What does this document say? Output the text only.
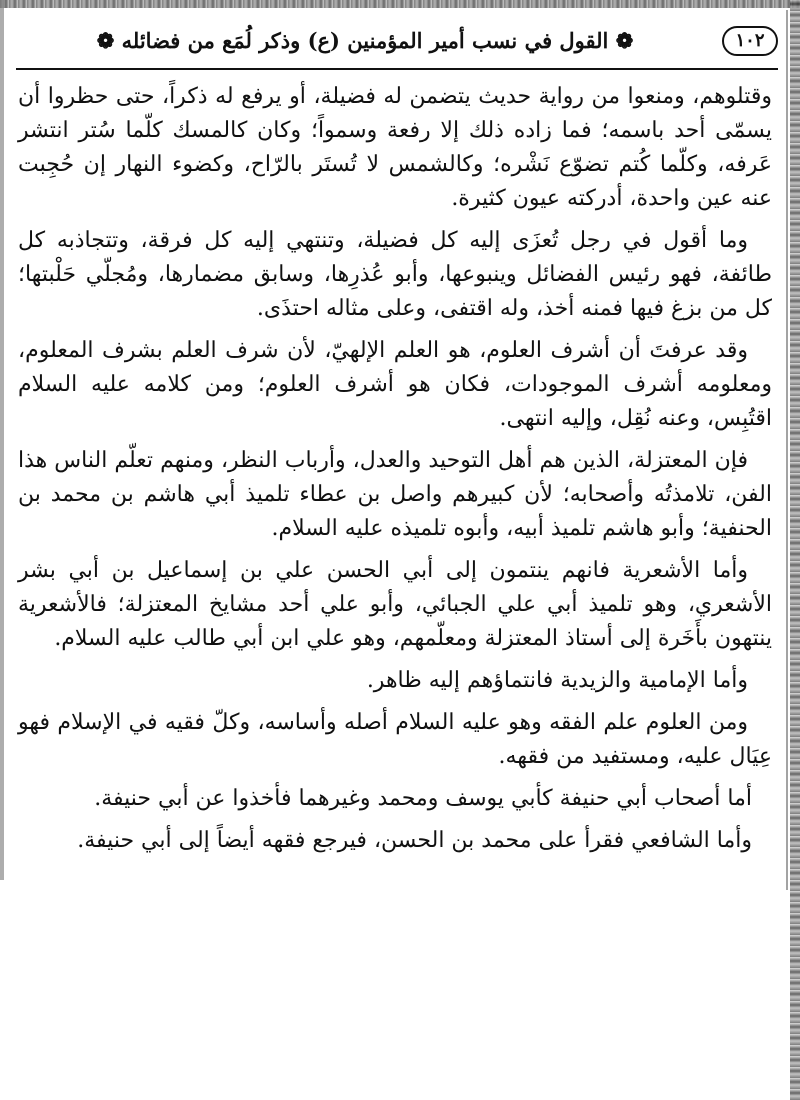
١٠٢
❁ القول في نسب أمير المؤمنين (ع) وذكر لُمَع من فضائله ❁

وقتلوهم، ومنعوا من رواية حديث يتضمن له فضيلة، أو يرفع له ذكراً، حتى حظروا أن يسمّى أحد باسمه؛ فما زاده ذلك إلا رفعة وسمواً؛ وكان كالمسك كلّما سُتر انتشر عَرفه، وكلّما كُتم تضوّع نَشْره؛ وكالشمس لا تُستَر بالرّاح، وكضوء النهار إن حُجِبت عنه عين واحدة، أدركته عيون كثيرة.

وما أقول في رجل تُعزَى إليه كل فضيلة، وتنتهي إليه كل فرقة، وتتجاذبه كل طائفة، فهو رئيس الفضائل وينبوعها، وأبو عُذرِها، وسابق مضمارها، ومُجلّي حَلْبتها؛ كل من بزغ فيها فمنه أخذ، وله اقتفى، وعلى مثاله احتذَى.

وقد عرفتَ أن أشرف العلوم، هو العلم الإلهيّ، لأن شرف العلم بشرف المعلوم، ومعلومه أشرف الموجودات، فكان هو أشرف العلوم؛ ومن كلامه عليه السلام اقتُبِس، وعنه نُقِل، وإليه انتهى.

فإن المعتزلة، الذين هم أهل التوحيد والعدل، وأرباب النظر، ومنهم تعلّم الناس هذا الفن، تلامذتُه وأصحابه؛ لأن كبيرهم واصل بن عطاء تلميذ أبي هاشم بن محمد بن الحنفية؛ وأبو هاشم تلميذ أبيه، وأبوه تلميذه عليه السلام.

وأما الأشعرية فانهم ينتمون إلى أبي الحسن علي بن إسماعيل بن أبي بشر الأشعري، وهو تلميذ أبي علي الجبائي، وأبو علي أحد مشايخ المعتزلة؛ فالأشعرية ينتهون بأَخَرة إلى أستاذ المعتزلة ومعلّمهم، وهو علي ابن أبي طالب عليه السلام.

وأما الإمامية والزيدية فانتماؤهم إليه ظاهر.

ومن العلوم علم الفقه وهو عليه السلام أصله وأساسه، وكلّ فقيه في الإسلام فهو عِيَال عليه، ومستفيد من فقهه.

أما أصحاب أبي حنيفة كأبي يوسف ومحمد وغيرهما فأخذوا عن أبي حنيفة.

وأما الشافعي فقرأ على محمد بن الحسن، فيرجع فقهه أيضاً إلى أبي حنيفة.
